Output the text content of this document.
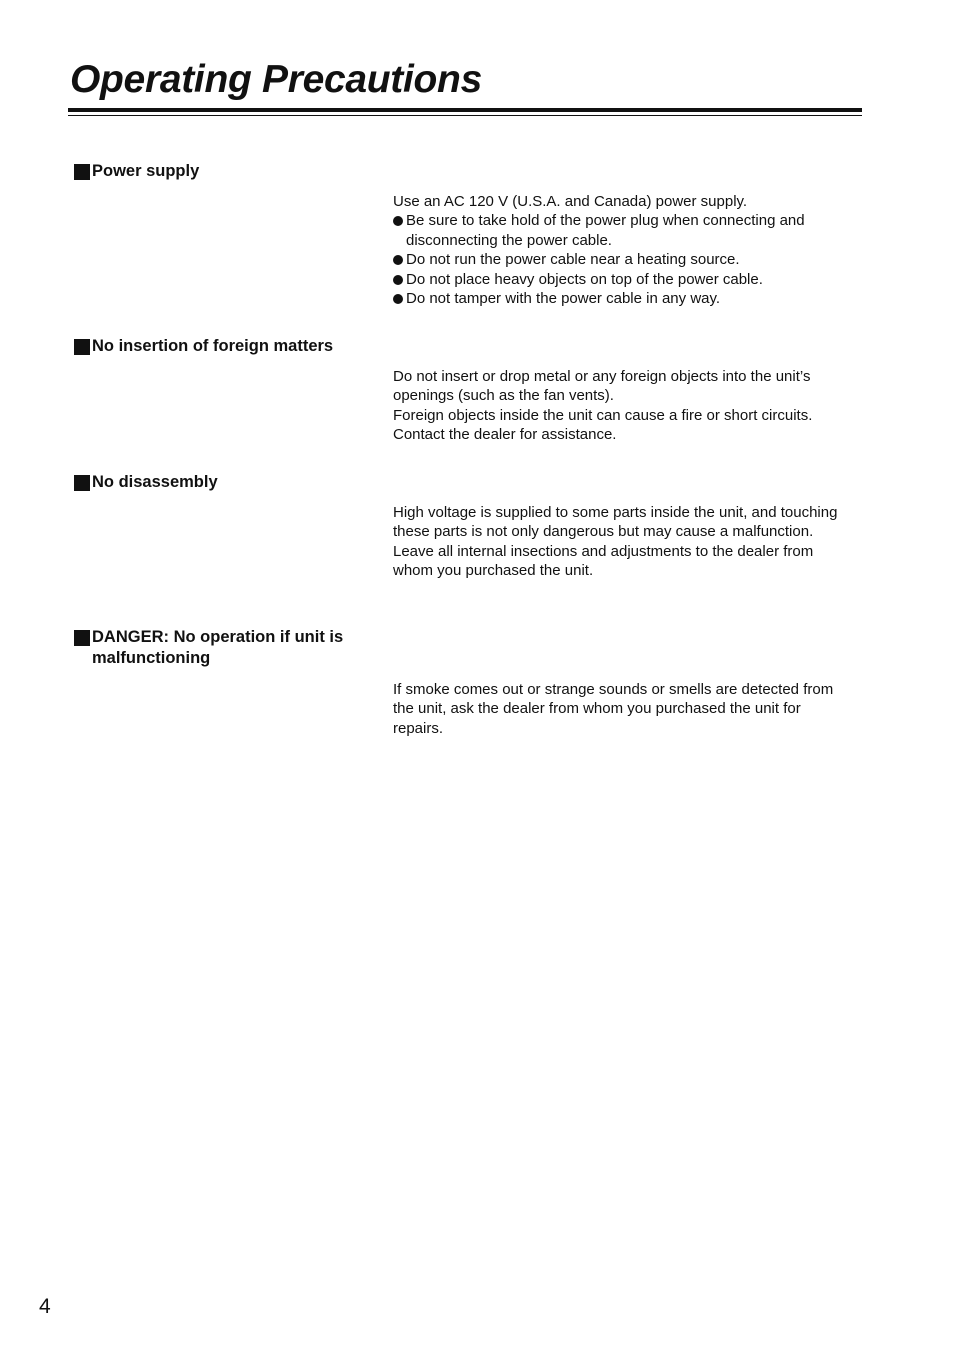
Operating Precautions
Power supply

Use an AC 120 V (U.S.A. and Canada) power supply.

Be sure to take hold of the power plug when connecting and disconnecting the power cable.

Do not run the power cable near a heating source.

Do not place heavy objects on top of the power cable.

Do not tamper with the power cable in any way.

No insertion of foreign matters

Do not insert or drop metal or any foreign objects into the unit’s openings (such as the fan vents).

Foreign objects inside the unit can cause a fire or short circuits.

Contact the dealer for assistance.

No disassembly

High voltage is supplied to some parts inside the unit, and touching these parts is not only dangerous but may cause a malfunction.

Leave all internal insections and adjustments to the dealer from whom you purchased the unit.

DANGER: No operation if unit is malfunctioning

If smoke comes out or strange sounds or smells are detected from the unit, ask the dealer from whom you purchased the unit for repairs.

4
